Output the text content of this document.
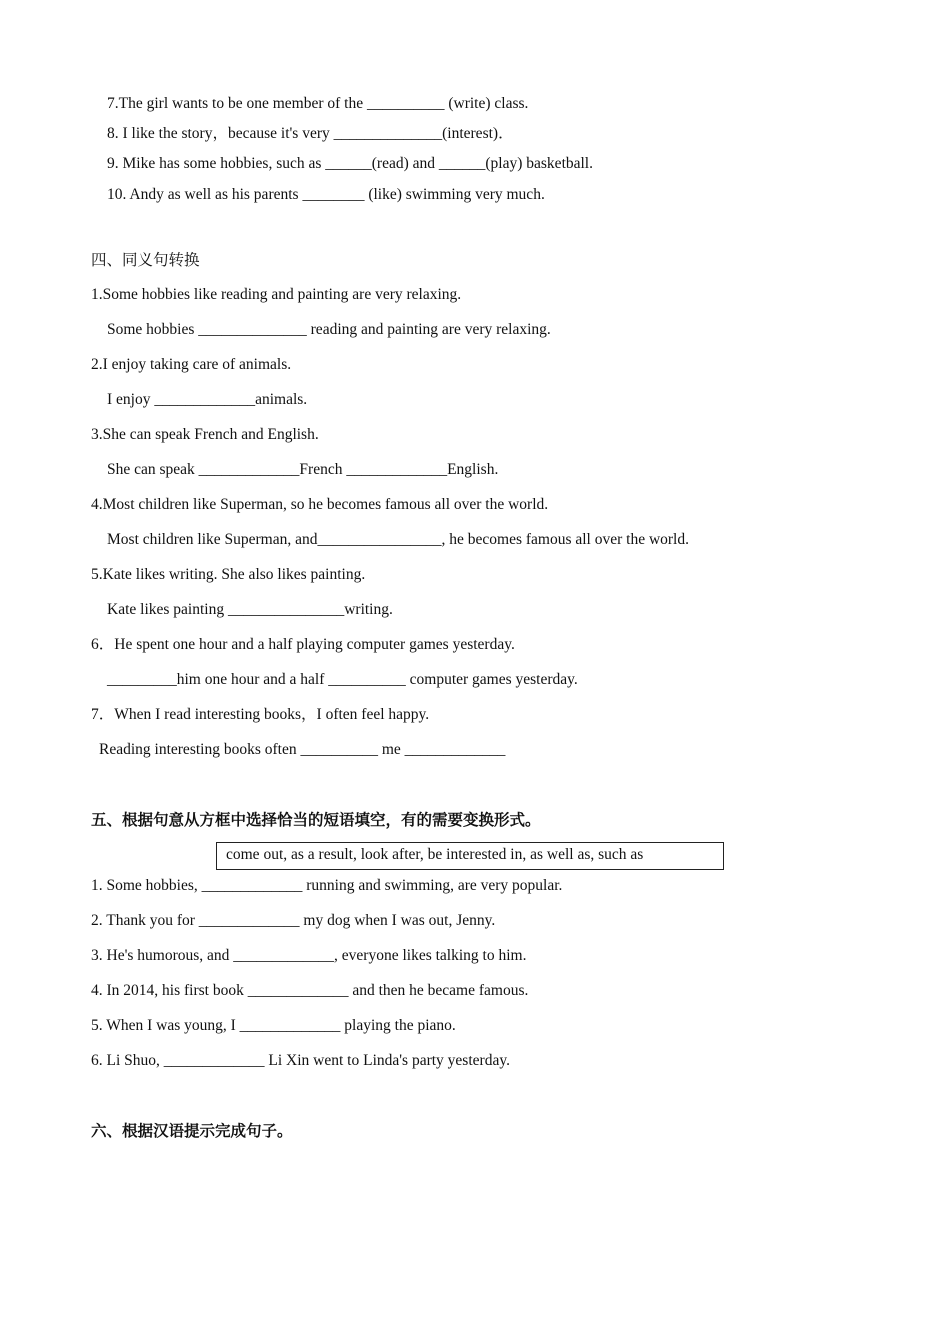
7.The girl wants to be one member of the __________ (write) class.
8. I like the story，because it's very ______________(interest)．
9. Mike has some hobbies, such as ______(read) and ______(play) basketball.
10. Andy as well as his parents ________ (like) swimming very much.
四、同义句转换
1.Some hobbies like reading and painting are very relaxing.
Some hobbies ______________ reading and painting are very relaxing.
2.I enjoy taking care of animals.
I enjoy _____________animals.
3.She can speak French and English.
She can speak _____________French _____________English.
4.Most children like Superman, so he becomes famous all over the world.
Most children like Superman, and________________, he becomes famous all over the world.
5.Kate likes writing. She also likes painting.
Kate likes painting _______________writing.
6．He spent one hour and a half playing computer games yesterday.
_________him one hour and a half __________ computer games yesterday.
7．When I read interesting books，I often feel happy.
Reading interesting books often __________ me _____________
五、根据句意从方框中选择恰当的短语填空，有的需要变换形式。
come out, as a result, look after, be interested in, as well as, such as
1. Some hobbies, _____________ running and swimming, are very popular.
2. Thank you for _____________ my dog when I was out, Jenny.
3. He's humorous, and _____________, everyone likes talking to him.
4. In 2014, his first book _____________ and then he became famous.
5. When I was young, I _____________ playing the piano.
6. Li Shuo, _____________ Li Xin went to Linda's party yesterday.
六、根据汉语提示完成句子。
